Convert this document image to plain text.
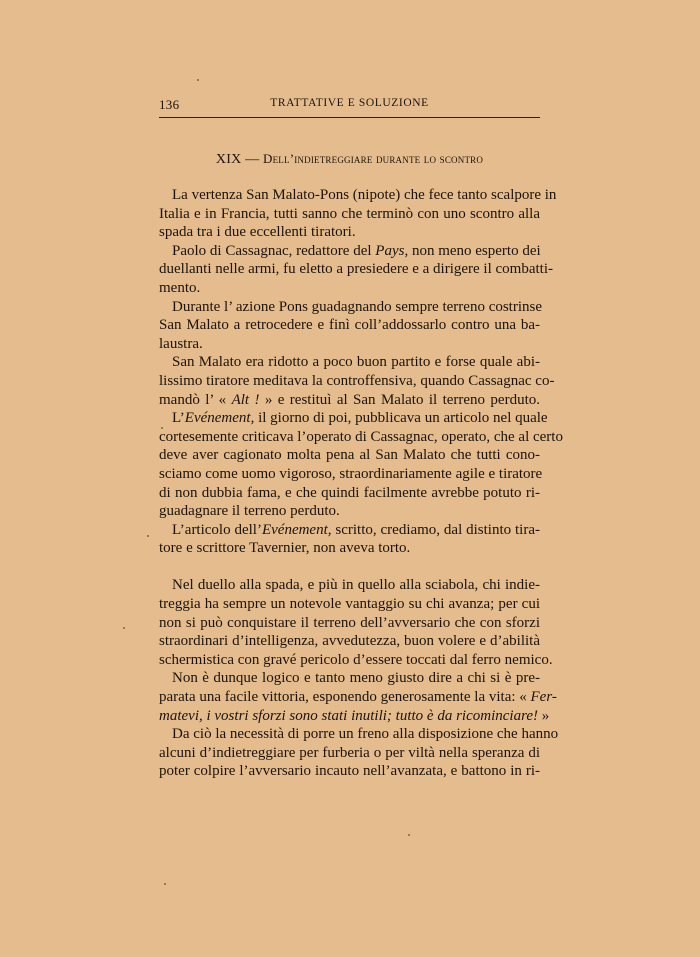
136	TRATTATIVE E SOLUZIONE
XIX — Dell’indietreggiare durante lo scontro
La vertenza San Malato-Pons (nipote) che fece tanto scalpore in
Italia e in Francia, tutti sanno che terminò con uno scontro alla
spada tra i due eccellenti tiratori.
Paolo di Cassagnac, redattore del Pays, non meno esperto dei
duellanti nelle armi, fu eletto a presiedere e a dirigere il combatti-
mento.
Durante l’ azione Pons guadagnando sempre terreno costrinse
San Malato a retrocedere e finì coll’addossarlo contro una ba-
laustra.
San Malato era ridotto a poco buon partito e forse quale abi-
lissimo tiratore meditava la controffensiva, quando Cassagnac co-
mandò l’ « Alt ! » e restituì al San Malato il terreno perduto.
L’Evénement, il giorno di poi, pubblicava un articolo nel quale
cortesemente criticava l’operato di Cassagnac, operato, che al certo
deve aver cagionato molta pena al San Malato che tutti cono-
sciamo come uomo vigoroso, straordinariamente agile e tiratore
di non dubbia fama, e che quindi facilmente avrebbe potuto ri-
guadagnare il terreno perduto.
L’articolo dell’Evénement, scritto, crediamo, dal distinto tira-
tore e scrittore Tavernier, non aveva torto.
Nel duello alla spada, e più in quello alla sciabola, chi indie-
treggia ha sempre un notevole vantaggio su chi avanza; per cui
non si può conquistare il terreno dell’avversario che con sforzi
straordinari d’intelligenza, avvedutezza, buon volere e d’abilità
schermistica con gravé pericolo d’essere toccati dal ferro nemico.
Non è dunque logico e tanto meno giusto dire a chi si è pre-
parata una facile vittoria, esponendo generosamente la vita: « Fer-
matevi, i vostri sforzi sono stati inutili; tutto è da ricominciare! »
Da ciò la necessità di porre un freno alla disposizione che hanno
alcuni d’indietreggiare per furberia o per viltà nella speranza di
poter colpire l’avversario incauto nell’avanzata, e battono in ri-
